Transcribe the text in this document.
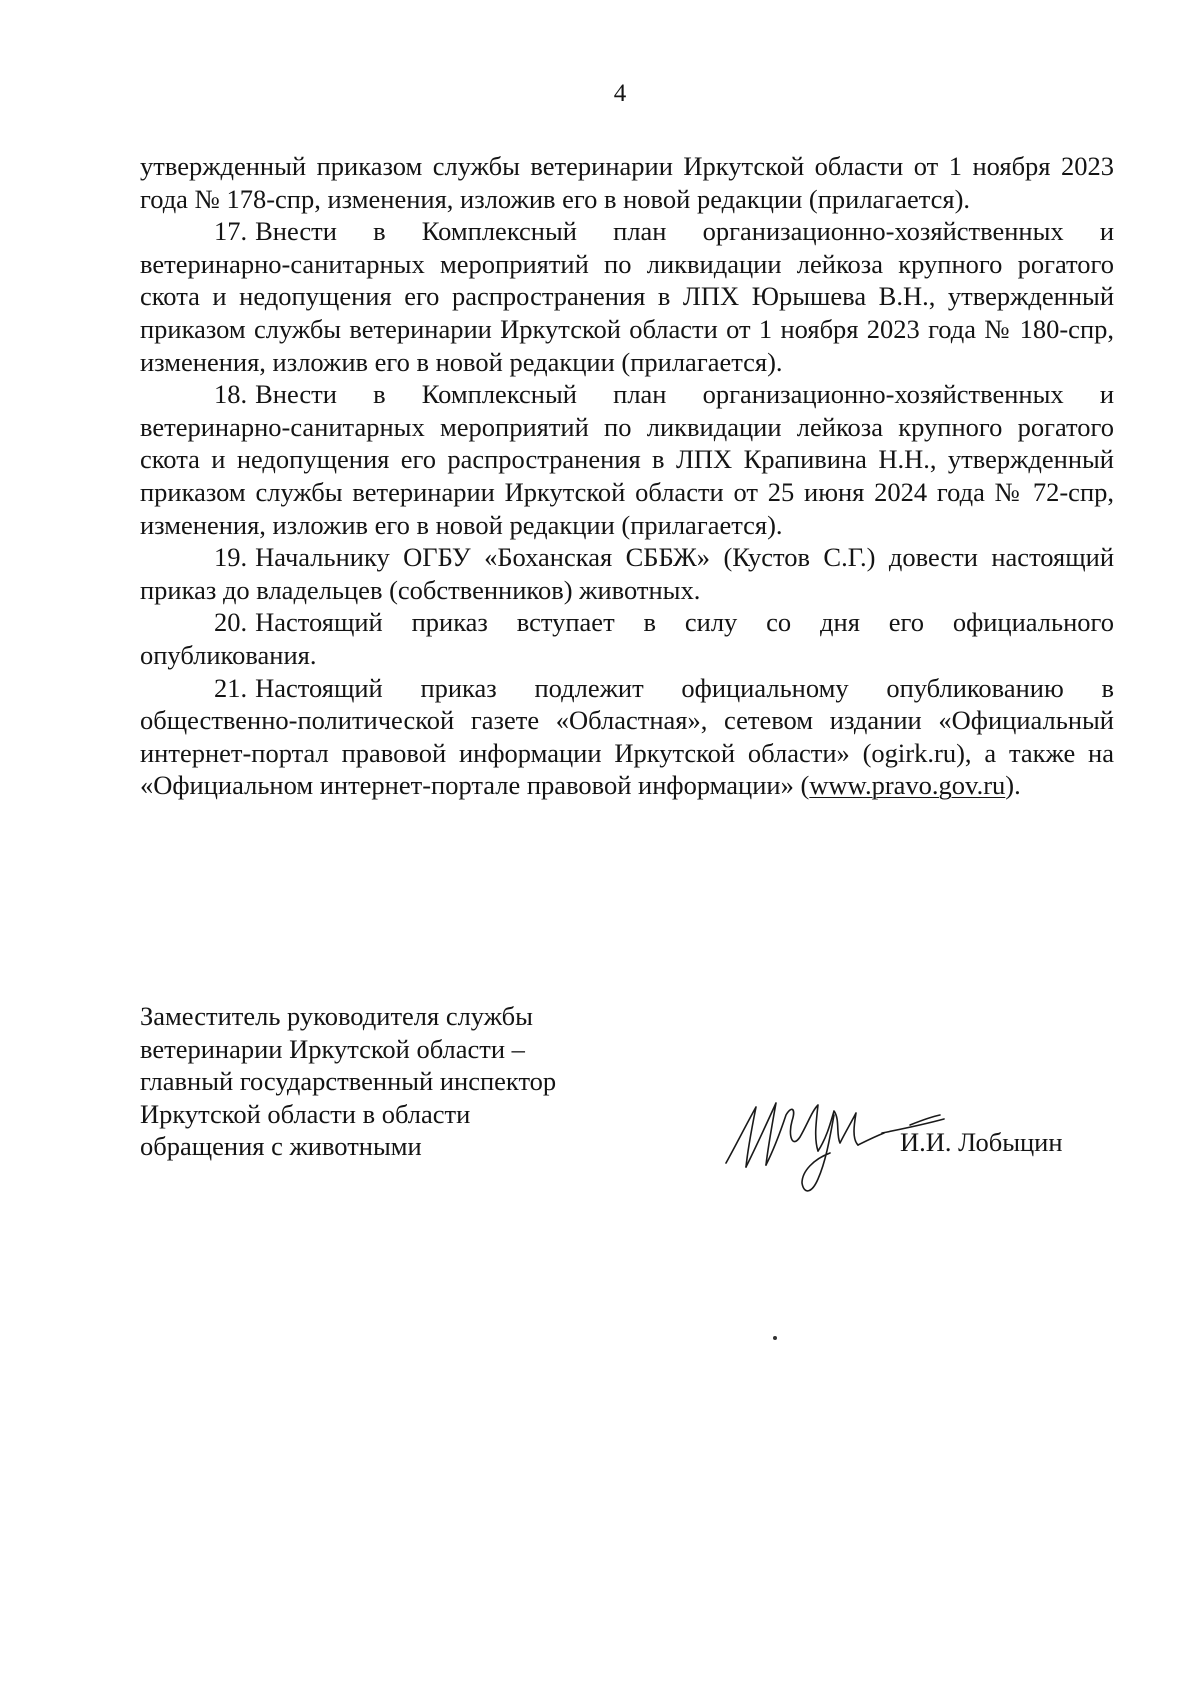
4

утвержденный приказом службы ветеринарии Иркутской области от 1 ноября 2023 года № 178-спр, изменения, изложив его в новой редакции (прилагается).

17. Внести в Комплексный план организационно-хозяйственных и ветеринарно-санитарных мероприятий по ликвидации лейкоза крупного рогатого скота и недопущения его распространения в ЛПХ Юрышева В.Н., утвержденный приказом службы ветеринарии Иркутской области от 1 ноября 2023 года № 180-спр, изменения, изложив его в новой редакции (прилагается).

18. Внести в Комплексный план организационно-хозяйственных и ветеринарно-санитарных мероприятий по ликвидации лейкоза крупного рогатого скота и недопущения его распространения в ЛПХ Крапивина Н.Н., утвержденный приказом службы ветеринарии Иркутской области от 25 июня 2024 года № 72-спр, изменения, изложив его в новой редакции (прилагается).

19. Начальнику ОГБУ «Боханская СББЖ» (Кустов С.Г.) довести настоящий приказ до владельцев (собственников) животных.

20. Настоящий приказ вступает в силу со дня его официального опубликования.

21. Настоящий приказ подлежит официальному опубликованию в общественно-политической газете «Областная», сетевом издании «Официальный интернет-портал правовой информации Иркутской области» (ogirk.ru), а также на «Официальном интернет-портале правовой информации» (www.pravo.gov.ru).

Заместитель руководителя службы
ветеринарии Иркутской области –
главный государственный инспектор
Иркутской области в области
обращения с животными	И.И. Лобыцин
